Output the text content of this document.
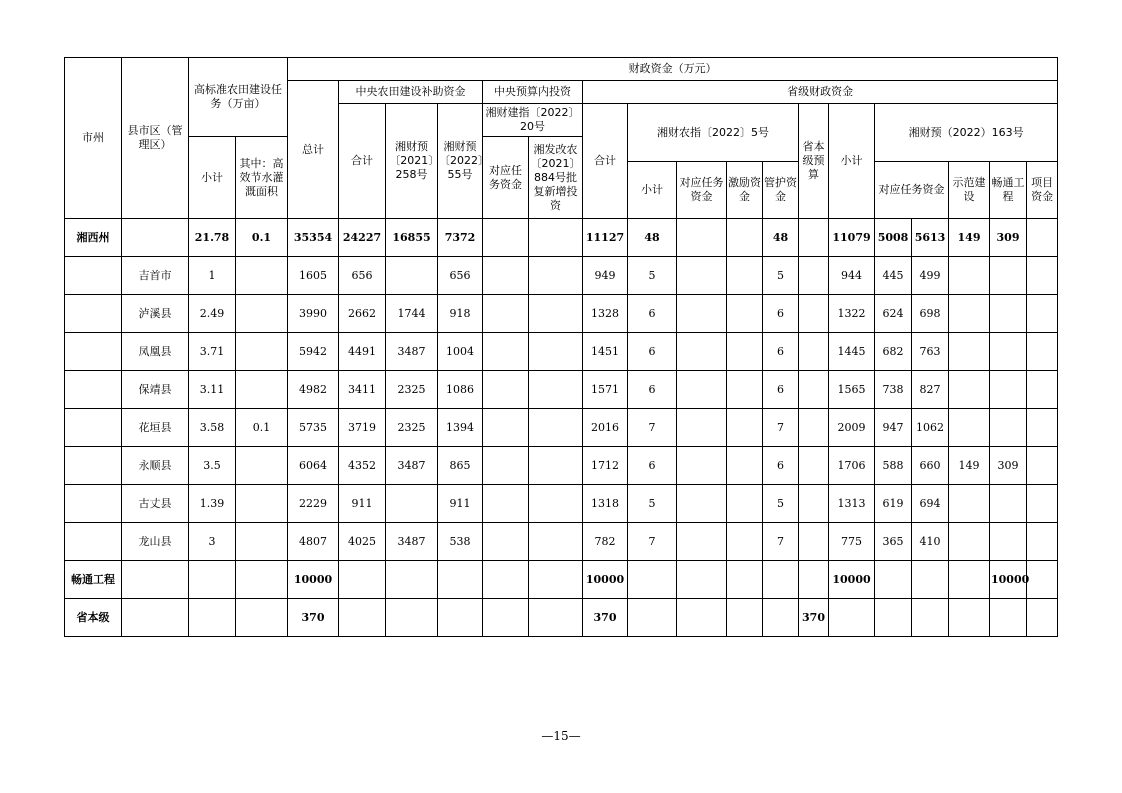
市州	县市区（管理区）	高标准农田建设任务（万亩）		财政资金（万元）																	
				总计	中央农田建设补助资金			中央预算内投资		省级财政资金											
					合计	湘财预〔2021〕258号	湘财预〔2022〕55号	湘财建指〔2022〕20号		合计	湘财农指〔2022〕5号				省本级预算	小计	湘财预（2022）163号				
		小计	其中：高效节水灌溉面积					对应任务资金	湘发改农〔2021〕884号批复新增投资												
											小计	对应任务资金	激励资金	管护资金			对应任务资金		示范建设	畅通工程	项目资金
湘西州		21.78	0.1	35354	24227	16855	7372			11127	48			48		11079	5008	5613	149	309	
	吉首市	1		1605	656		656			949	5			5		944	445	499			
	泸溪县	2.49		3990	2662	1744	918			1328	6			6		1322	624	698			
	凤凰县	3.71		5942	4491	3487	1004			1451	6			6		1445	682	763			
	保靖县	3.11		4982	3411	2325	1086			1571	6			6		1565	738	827			
	花垣县	3.58	0.1	5735	3719	2325	1394			2016	7			7		2009	947	1062			
	永顺县	3.5		6064	4352	3487	865			1712	6			6		1706	588	660	149	309	
	古丈县	1.39		2229	911		911			1318	5			5		1313	619	694			
	龙山县	3		4807	4025	3487	538			782	7			7		775	365	410			
畅通工程				10000						10000						10000				10000	
省本级				370						370					370						
—15—
